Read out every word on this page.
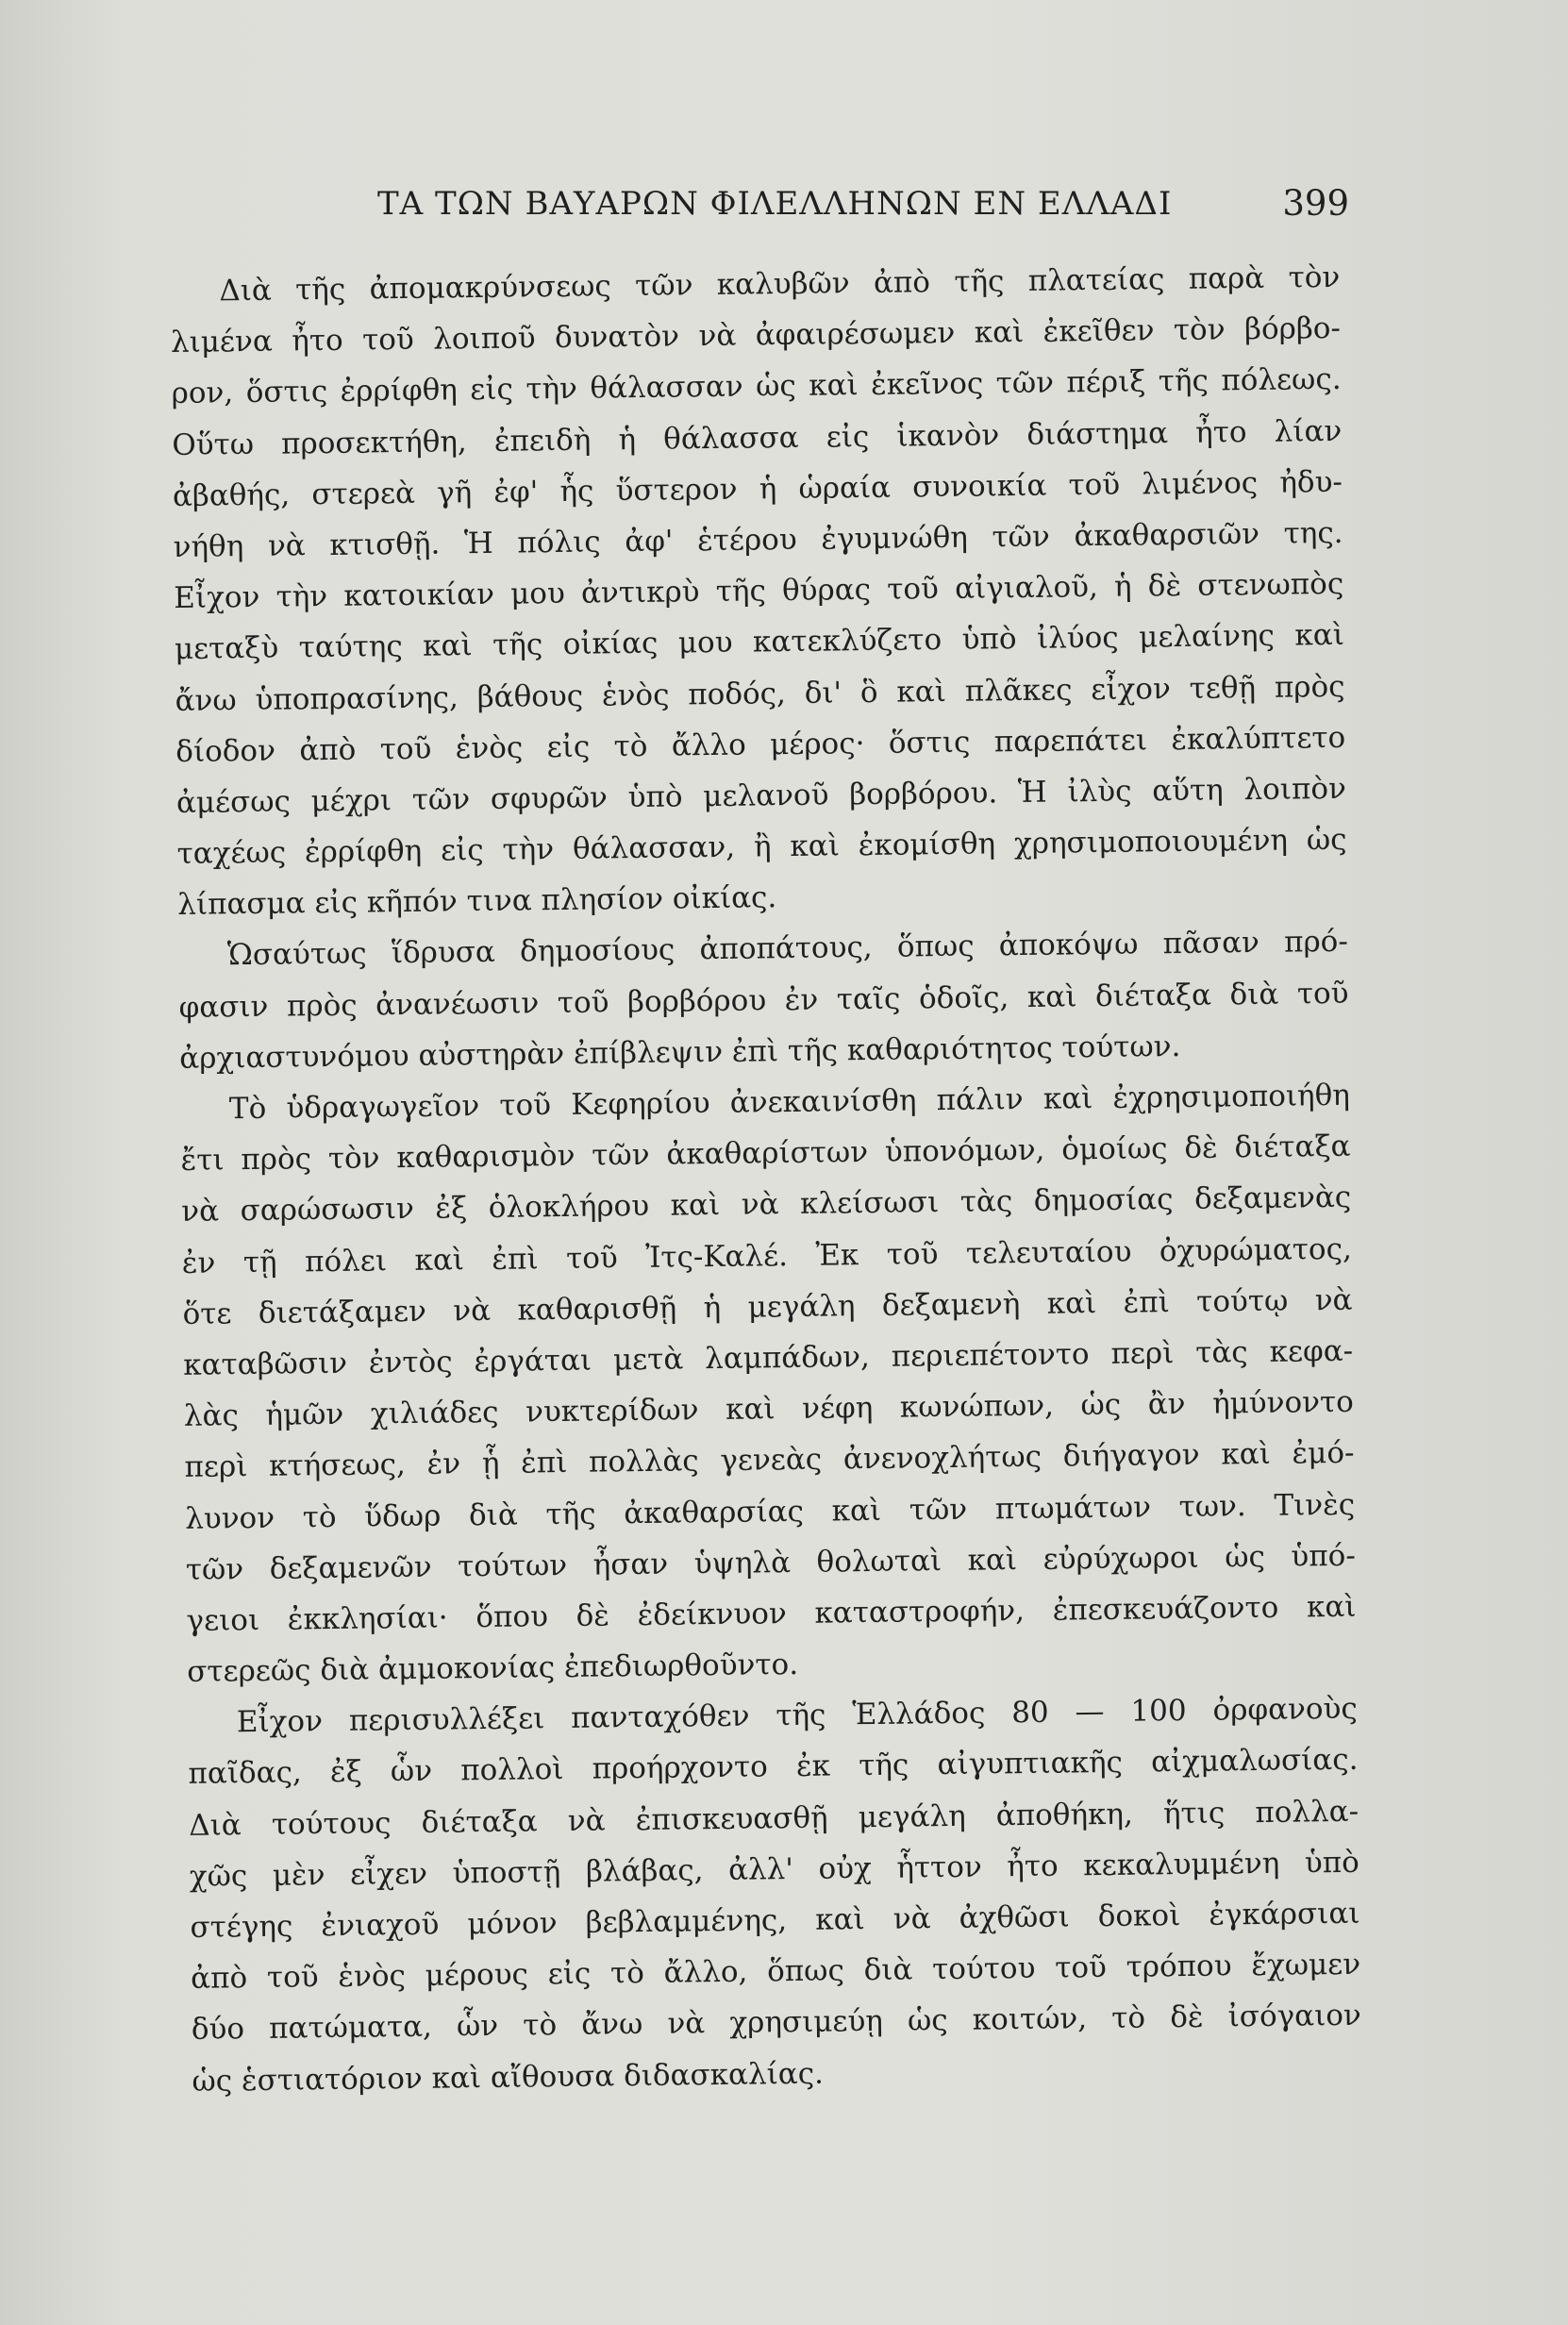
ΤΑ ΤΩΝ ΒΑΥΑΡΩΝ ΦΙΛΕΛΛΗΝΩΝ ΕΝ ΕΛΛΑΔΙ	399
Διὰ τῆς ἀπομακρύνσεως τῶν καλυβῶν ἀπὸ τῆς πλατείας παρὰ τὸν
λιμένα ἦτο τοῦ λοιποῦ δυνατὸν νὰ ἀφαιρέσωμεν καὶ ἐκεῖθεν τὸν βόρβο-
ρον, ὅστις ἐρρίφθη εἰς τὴν θάλασσαν ὡς καὶ ἐκεῖνος τῶν πέριξ τῆς πόλεως.
Οὕτω προσεκτήθη, ἐπειδὴ ἡ θάλασσα εἰς ἱκανὸν διάστημα ἦτο λίαν
ἀβαθής, στερεὰ γῆ ἐφ' ἧς ὕστερον ἡ ὡραία συνοικία τοῦ λιμένος ἠδυ-
νήθη νὰ κτισθῇ. Ἡ πόλις ἀφ' ἑτέρου ἐγυμνώθη τῶν ἀκαθαρσιῶν της.
Εἶχον τὴν κατοικίαν μου ἀντικρὺ τῆς θύρας τοῦ αἰγιαλοῦ, ἡ δὲ στενωπὸς
μεταξὺ ταύτης καὶ τῆς οἰκίας μου κατεκλύζετο ὑπὸ ἰλύος μελαίνης καὶ
ἄνω ὑποπρασίνης, βάθους ἑνὸς ποδός, δι' ὃ καὶ πλᾶκες εἶχον τεθῇ πρὸς
δίοδον ἀπὸ τοῦ ἑνὸς εἰς τὸ ἄλλο μέρος· ὅστις παρεπάτει ἐκαλύπτετο
ἀμέσως μέχρι τῶν σφυρῶν ὑπὸ μελανοῦ βορβόρου. Ἡ ἰλὺς αὕτη λοιπὸν
ταχέως ἐρρίφθη εἰς τὴν θάλασσαν, ἢ καὶ ἐκομίσθη χρησιμοποιουμένη ὡς
λίπασμα εἰς κῆπόν τινα πλησίον οἰκίας.
Ὡσαύτως ἵδρυσα δημοσίους ἀποπάτους, ὅπως ἀποκόψω πᾶσαν πρό-
φασιν πρὸς ἀνανέωσιν τοῦ βορβόρου ἐν ταῖς ὁδοῖς, καὶ διέταξα διὰ τοῦ
ἀρχιαστυνόμου αὐστηρὰν ἐπίβλεψιν ἐπὶ τῆς καθαριότητος τούτων.
Τὸ ὑδραγωγεῖον τοῦ Κεφηρίου ἀνεκαινίσθη πάλιν καὶ ἐχρησιμοποιήθη
ἔτι πρὸς τὸν καθαρισμὸν τῶν ἀκαθαρίστων ὑπονόμων, ὁμοίως δὲ διέταξα
νὰ σαρώσωσιν ἐξ ὁλοκλήρου καὶ νὰ κλείσωσι τὰς δημοσίας δεξαμενὰς
ἐν τῇ πόλει καὶ ἐπὶ τοῦ Ἰτς-Καλέ. Ἐκ τοῦ τελευταίου ὀχυρώματος,
ὅτε διετάξαμεν νὰ καθαρισθῇ ἡ μεγάλη δεξαμενὴ καὶ ἐπὶ τούτῳ νὰ
καταβῶσιν ἐντὸς ἐργάται μετὰ λαμπάδων, περιεπέτοντο περὶ τὰς κεφα-
λὰς ἡμῶν χιλιάδες νυκτερίδων καὶ νέφη κωνώπων, ὡς ἂν ἠμύνοντο
περὶ κτήσεως, ἐν ᾗ ἐπὶ πολλὰς γενεὰς ἀνενοχλήτως διήγαγον καὶ ἐμό-
λυνον τὸ ὕδωρ διὰ τῆς ἀκαθαρσίας καὶ τῶν πτωμάτων των. Τινὲς
τῶν δεξαμενῶν τούτων ἦσαν ὑψηλὰ θολωταὶ καὶ εὐρύχωροι ὡς ὑπό-
γειοι ἐκκλησίαι· ὅπου δὲ ἐδείκνυον καταστροφήν, ἐπεσκευάζοντο καὶ
στερεῶς διὰ ἀμμοκονίας ἐπεδιωρθοῦντο.
Εἶχον περισυλλέξει πανταχόθεν τῆς Ἑλλάδος 80 — 100 ὀρφανοὺς
παῖδας, ἐξ ὧν πολλοὶ προήρχοντο ἐκ τῆς αἰγυπτιακῆς αἰχμαλωσίας.
Διὰ τούτους διέταξα νὰ ἐπισκευασθῇ μεγάλη ἀποθήκη, ἥτις πολλα-
χῶς μὲν εἶχεν ὑποστῇ βλάβας, ἀλλ' οὐχ ἧττον ἦτο κεκαλυμμένη ὑπὸ
στέγης ἐνιαχοῦ μόνον βεβλαμμένης, καὶ νὰ ἀχθῶσι δοκοὶ ἐγκάρσιαι
ἀπὸ τοῦ ἑνὸς μέρους εἰς τὸ ἄλλο, ὅπως διὰ τούτου τοῦ τρόπου ἔχωμεν
δύο πατώματα, ὧν τὸ ἄνω νὰ χρησιμεύῃ ὡς κοιτών, τὸ δὲ ἰσόγαιον
ὡς ἑστιατόριον καὶ αἴθουσα διδασκαλίας.
